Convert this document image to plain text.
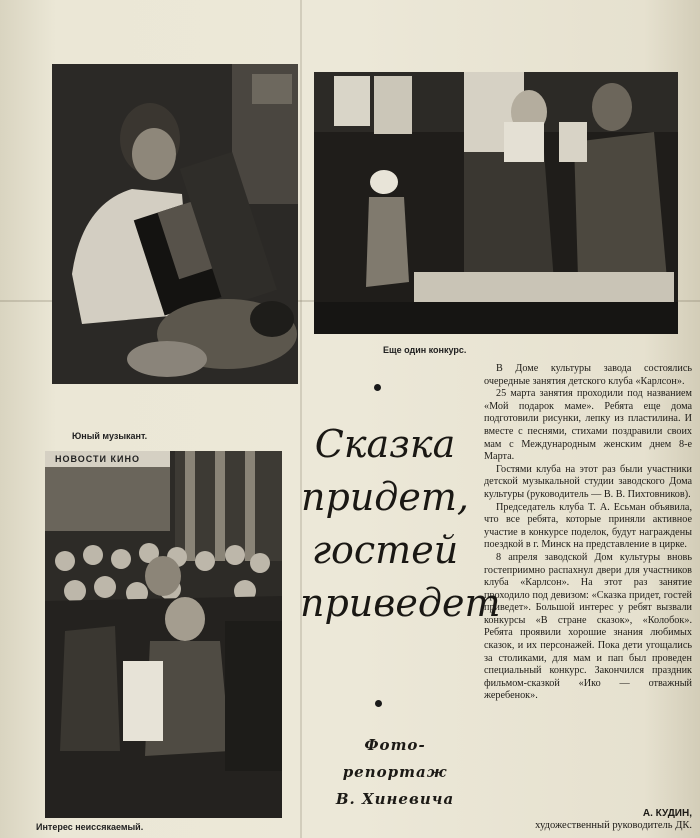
Юный музыкант.
Еще один конкурс.
НОВОСТИ КИНО
Интерес неиссякаемый.
Сказка
придет,
гостей
приведет
Фото-
репортаж
В. Хиневича

В Доме культуры завода состоялись очередные занятия детского клуба «Карлсон».

25 марта занятия проходили под названием «Мой подарок маме». Ребята еще дома подготовили рисунки, лепку из пластилина. И вместе с песнями, стихами поздравили своих мам с Международным женским днем 8-е Марта.

Гостями клуба на этот раз были участники детской музыкальной студии заводского Дома культуры (руководитель — В. В. Пихтовников).

Председатель клуба Т. А. Есьман объявила, что все ребята, которые приняли активное участие в конкурсе поделок, будут награждены поездкой в г. Минск на представление в цирке.

8 апреля заводской Дом культуры вновь гостеприимно распахнул двери для участников клуба «Карлсон». На этот раз занятие проходило под девизом: «Сказка придет, гостей приведет». Большой интерес у ребят вызвали конкурсы «В стране сказок», «Колобок». Ребята проявили хорошие знания любимых сказок, и их персонажей. Пока дети угощались за столиками, для мам и пап был проведен специальный конкурс. Закончился праздник фильмом-сказкой «Ико — отважный жеребенок».

А. КУДИН,
художественный руководитель ДК.
